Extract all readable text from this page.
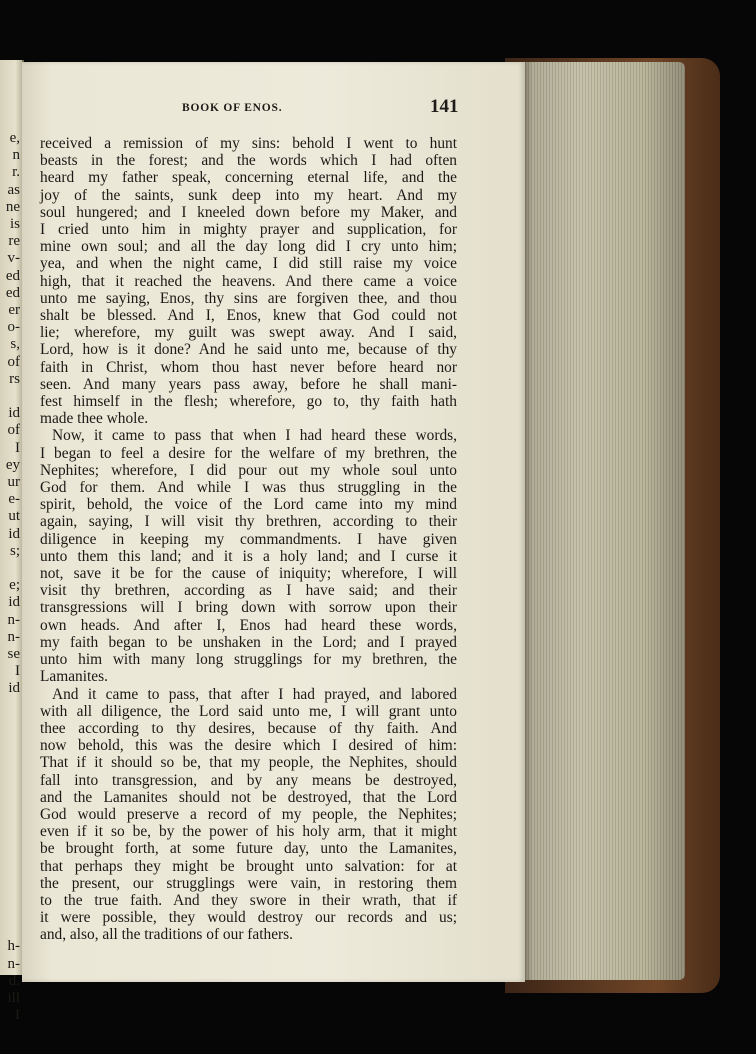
e,
n
r.
as
ne
is
re
v-
ed
ed
er
o-
s,
of
rs
id
of
I
ey
ur
e-
ut
id
s;
e;
id
n-
n-
se
I
id
h-
n-
d.
ill
I
BOOK OF ENOS.	141

received a remission of my sins: behold I went to hunt

beasts in the forest; and the words which I had often

heard my father speak, concerning eternal life, and the

joy of the saints, sunk deep into my heart. And my

soul hungered; and I kneeled down before my Maker, and

I cried unto him in mighty prayer and supplication, for

mine own soul; and all the day long did I cry unto him;

yea, and when the night came, I did still raise my voice

high, that it reached the heavens. And there came a voice

unto me saying, Enos, thy sins are forgiven thee, and thou

shalt be blessed. And I, Enos, knew that God could not

lie; wherefore, my guilt was swept away. And I said,

Lord, how is it done? And he said unto me, because of thy

faith in Christ, whom thou hast never before heard nor

seen. And many years pass away, before he shall mani-

fest himself in the flesh; wherefore, go to, thy faith hath

made thee whole.

Now, it came to pass that when I had heard these words,

I began to feel a desire for the welfare of my brethren, the

Nephites; wherefore, I did pour out my whole soul unto

God for them. And while I was thus struggling in the

spirit, behold, the voice of the Lord came into my mind

again, saying, I will visit thy brethren, according to their

diligence in keeping my commandments. I have given

unto them this land; and it is a holy land; and I curse it

not, save it be for the cause of iniquity; wherefore, I will

visit thy brethren, according as I have said; and their

transgressions will I bring down with sorrow upon their

own heads. And after I, Enos had heard these words,

my faith began to be unshaken in the Lord; and I prayed

unto him with many long strugglings for my brethren, the

Lamanites.

And it came to pass, that after I had prayed, and labored

with all diligence, the Lord said unto me, I will grant unto

thee according to thy desires, because of thy faith. And

now behold, this was the desire which I desired of him:

That if it should so be, that my people, the Nephites, should

fall into transgression, and by any means be destroyed,

and the Lamanites should not be destroyed, that the Lord

God would preserve a record of my people, the Nephites;

even if it so be, by the power of his holy arm, that it might

be brought forth, at some future day, unto the Lamanites,

that perhaps they might be brought unto salvation: for at

the present, our strugglings were vain, in restoring them

to the true faith. And they swore in their wrath, that if

it were possible, they would destroy our records and us;

and, also, all the traditions of our fathers.
